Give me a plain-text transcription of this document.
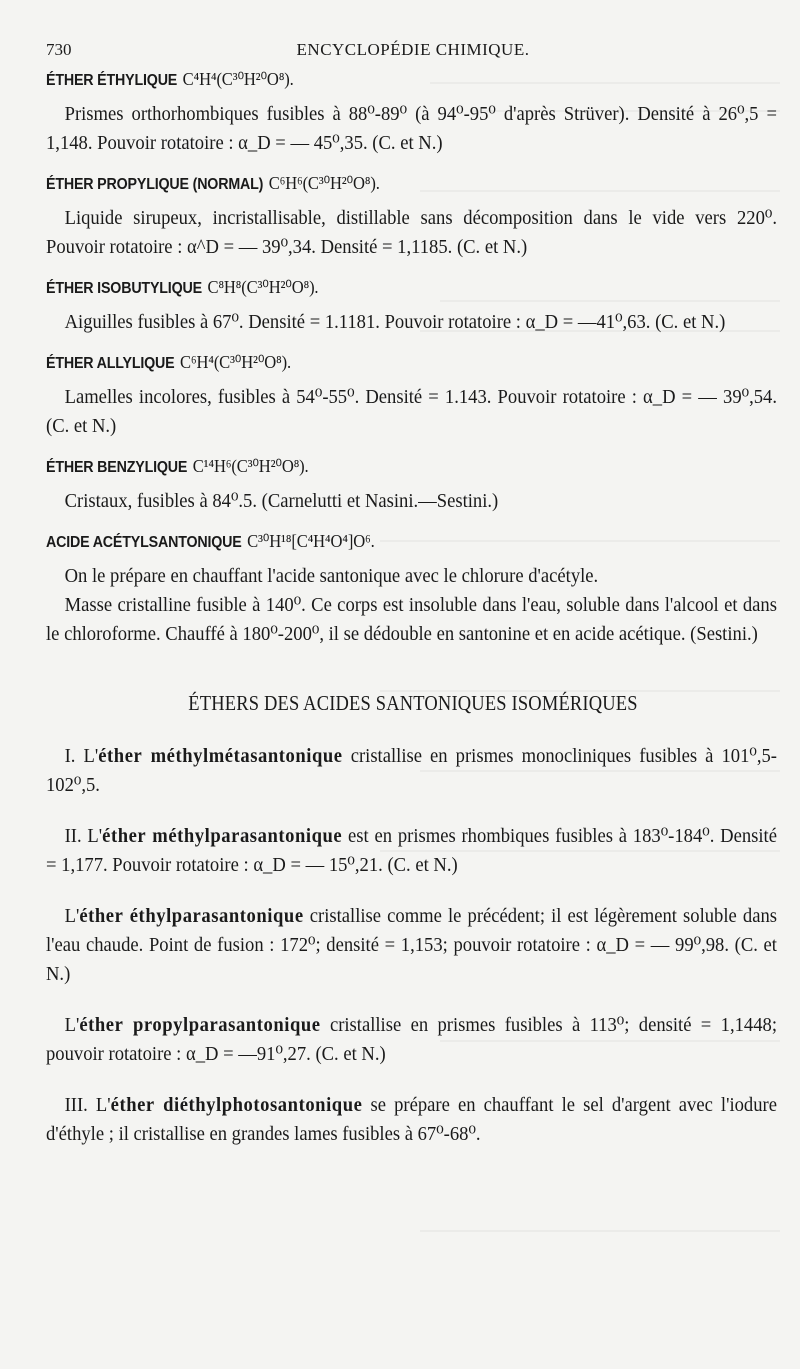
730	ENCYCLOPÉDIE CHIMIQUE.
ÉTHER ÉTHYLIQUE C⁴H⁴(C³⁰H²⁰O⁸).
Prismes orthorhombiques fusibles à 88⁰-89⁰ (à 94⁰-95⁰ d'après Strüver). Densité à 26⁰,5 = 1,148. Pouvoir rotatoire : α_D = — 45⁰,35. (C. et N.)
ÉTHER PROPYLIQUE (NORMAL) C⁶H⁶(C³⁰H²⁰O⁸).
Liquide sirupeux, incristallisable, distillable sans décomposition dans le vide vers 220⁰. Pouvoir rotatoire : α^D = — 39⁰,34. Densité = 1,1185. (C. et N.)
ÉTHER ISOBUTYLIQUE C⁸H⁸(C³⁰H²⁰O⁸).
Aiguilles fusibles à 67⁰. Densité = 1.1181. Pouvoir rotatoire : α_D = —41⁰,63. (C. et N.)
ÉTHER ALLYLIQUE C⁶H⁴(C³⁰H²⁰O⁸).
Lamelles incolores, fusibles à 54⁰-55⁰. Densité = 1.143. Pouvoir rotatoire : α_D = — 39⁰,54. (C. et N.)
ÉTHER BENZYLIQUE C¹⁴H⁶(C³⁰H²⁰O⁸).
Cristaux, fusibles à 84⁰.5. (Carnelutti et Nasini.—Sestini.)
ACIDE ACÉTYLSANTONIQUE C³⁰H¹⁸[C⁴H⁴O⁴]O⁶.
On le prépare en chauffant l'acide santonique avec le chlorure d'acétyle.
Masse cristalline fusible à 140⁰. Ce corps est insoluble dans l'eau, soluble dans l'alcool et dans le chloroforme. Chauffé à 180⁰-200⁰, il se dédouble en santonine et en acide acétique. (Sestini.)
ÉTHERS DES ACIDES SANTONIQUES ISOMÉRIQUES
I. L'éther méthylmétasantonique cristallise en prismes monocliniques fusibles à 101⁰,5-102⁰,5.
II. L'éther méthylparasantonique est en prismes rhombiques fusibles à 183⁰-184⁰. Densité = 1,177. Pouvoir rotatoire : α_D = — 15⁰,21. (C. et N.)
L'éther éthylparasantonique cristallise comme le précédent; il est légèrement soluble dans l'eau chaude. Point de fusion : 172⁰; densité = 1,153; pouvoir rotatoire : α_D = — 99⁰,98. (C. et N.)
L'éther propylparasantonique cristallise en prismes fusibles à 113⁰; densité = 1,1448; pouvoir rotatoire : α_D = —91⁰,27. (C. et N.)
III. L'éther diéthylphotosantonique se prépare en chauffant le sel d'argent avec l'iodure d'éthyle ; il cristallise en grandes lames fusibles à 67⁰-68⁰.
